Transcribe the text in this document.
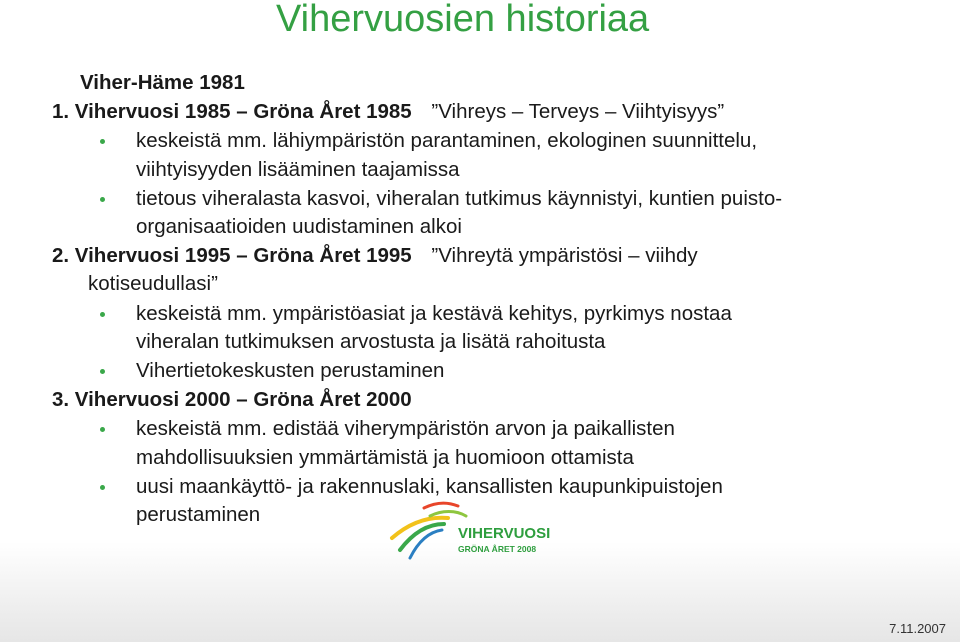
Vihervuosien historiaa
Viher-Häme 1981
1. Vihervuosi 1985 – Gröna Året 1985 ”Vihreys – Terveys – Viihtyisyys”
keskeistä mm. lähiympäristön parantaminen, ekologinen suunnittelu,
viihtyisyyden lisääminen taajamissa
tietous viheralasta kasvoi, viheralan tutkimus käynnistyi, kuntien puisto-
organisaatioiden uudistaminen alkoi
2. Vihervuosi 1995 – Gröna Året 1995 ”Vihreytä ympäristösi – viihdy
kotiseudullasi”
keskeistä mm. ympäristöasiat ja kestävä kehitys, pyrkimys nostaa
viheralan tutkimuksen arvostusta ja lisätä rahoitusta
Vihertietokeskusten perustaminen
3. Vihervuosi 2000 – Gröna Året 2000
keskeistä mm. edistää viherympäristön arvon ja paikallisten
mahdollisuuksien ymmärtämistä ja huomioon ottamista
uusi maankäyttö- ja rakennuslaki, kansallisten kaupunkipuistojen
perustaminen
VIHERVUOSI
GRÖNA ÅRET 2008
7.11.2007
